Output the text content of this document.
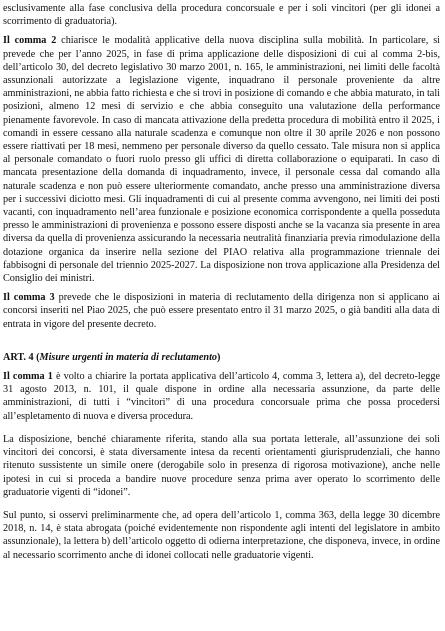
esclusivamente alla fase conclusiva della procedura concorsuale e per i soli vincitori (per gli idonei a scorrimento di graduatoria).

Il comma 2 chiarisce le modalità applicative della nuova disciplina sulla mobilità. In particolare, si prevede che per l’anno 2025, in fase di prima applicazione delle disposizioni di cui al comma 2-bis, dell’articolo 30, del decreto legislativo 30 marzo 2001, n. 165, le amministrazioni, nei limiti delle facoltà assunzionali autorizzate a legislazione vigente, inquadrano il personale proveniente da altre amministrazioni, ne abbia fatto richiesta e che si trovi in posizione di comando e che abbia maturato, in tali posizioni, almeno 12 mesi di servizio e che abbia conseguito una valutazione della performance pienamente favorevole. In caso di mancata attivazione della predetta procedura di mobilità entro il 2025, i comandi in essere cessano alla naturale scadenza e comunque non oltre il 30 aprile 2026 e non possono essere riattivati per 18 mesi, nemmeno per personale diverso da quello cessato. Tale misura non si applica al personale comandato o fuori ruolo presso gli uffici di diretta collaborazione o equiparati. In caso di mancata presentazione della domanda di inquadramento, invece, il personale cessa dal comando alla naturale scadenza e non può essere ulteriormente comandato, anche presso una amministrazione diversa per i successivi diciotto mesi. Gli inquadramenti di cui al presente comma avvengono, nei limiti dei posti vacanti, con inquadramento nell’area funzionale e posizione economica corrispondente a quella posseduta presso le amministrazioni di provenienza e possono essere disposti anche se la vacanza sia presente in area diversa da quella di provenienza assicurando la necessaria neutralità finanziaria previa rimodulazione della dotazione organica da inserire nella sezione del PIAO relativa alla programmazione triennale dei fabbisogni di personale del triennio 2025-2027. La disposizione non trova applicazione alla Presidenza del Consiglio dei ministri.

Il comma 3 prevede che le disposizioni in materia di reclutamento della dirigenza non si applicano ai concorsi inseriti nel Piao 2025, che può essere presentato entro il 31 marzo 2025, o già banditi alla data di entrata in vigore del presente decreto.

ART. 4 (Misure urgenti in materia di reclutamento)

Il comma 1 è volto a chiarire la portata applicativa dell’articolo 4, comma 3, lettera a), del decreto-legge 31 agosto 2013, n. 101, il quale dispone in ordine alla necessaria assunzione, da parte delle amministrazioni, di tutti i “vincitori” di una procedura concorsuale prima che possa procedersi all’espletamento di nuova e diversa procedura.

La disposizione, benché chiaramente riferita, stando alla sua portata letterale, all’assunzione dei soli vincitori dei concorsi, è stata diversamente intesa da recenti orientamenti giurisprudenziali, che hanno ritenuto sussistente un simile onere (derogabile solo in presenza di rigorosa motivazione), anche nelle ipotesi in cui si proceda a bandire nuove procedure senza prima aver operato lo scorrimento delle graduatorie vigenti di “idonei”.

Sul punto, si osservi preliminarmente che, ad opera dell’articolo 1, comma 363, della legge 30 dicembre 2018, n. 14, è stata abrogata (poiché evidentemente non rispondente agli intenti del legislatore in ambito assunzionale), la lettera b) dell’articolo oggetto di odierna interpretazione, che disponeva, invece, in ordine al necessario scorrimento anche di idonei collocati nelle graduatorie vigenti.
